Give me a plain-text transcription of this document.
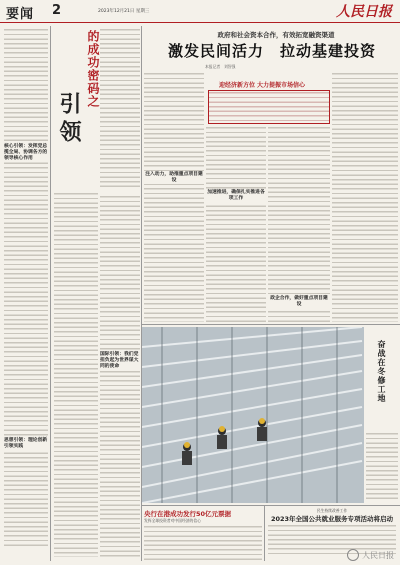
要闻 2	2023年12月21日 星期三	人民日报

核心引领：发挥党总揽全局、协调各方的领导核心作用
思想引领：理论创新引领实践
的成功密码之
引领
国际引领：我们党担负起为世界谋大同的使命
政府和社会资本合作，有效拓宽融资渠道
激发民间活力　拉动基建投资
本报记者　刘智强
迎经济新方位 大力提振市场信心
注入动力，助推重点项目建设
加速推进，确保扎实推进各项工作
政企合作，做好重点项目建设
奋战在冬修工地
央行在港成功发行50亿元票据
发挥全球投资者对中国经济的信心
民生持续改善工作
2023年全国公共就业服务专项活动将启动
人民日报
